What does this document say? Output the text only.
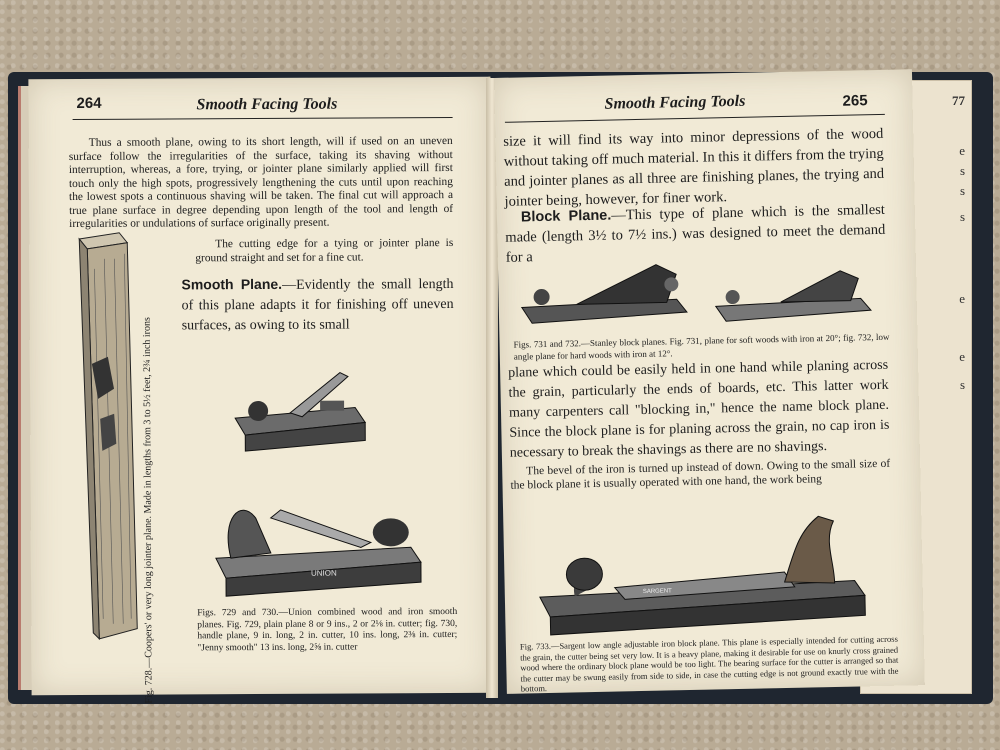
77
e
s
s
s
e
e
s
264	Smooth Facing Tools
Thus a smooth plane, owing to its short length, will if used on an uneven surface follow the irregularities of the surface, taking its shaving without interruption, whereas, a fore, trying, or jointer plane similarly applied will first touch only the high spots, progressively lengthening the cuts until upon reaching the lowest spots a continuous shaving will be taken. The final cut will approach a true plane surface in degree depending upon length of the tool and length of irregularities or undulations of surface originally present.
The cutting edge for a tying or jointer plane is ground straight and set for a fine cut.
Smooth Plane.—Evidently the small length of this plane adapts it for finishing off uneven surfaces, as owing to its small
Fig. 728.—Coopers' or very long jointer plane. Made in lengths from 3 to 5½ feet, 2¾ inch irons	UNION
Figs. 729 and 730.—Union combined wood and iron smooth planes. Fig. 729, plain plane 8 or 9 ins., 2 or 2⅛ in. cutter; fig. 730, handle plane, 9 in. long, 2 in. cutter, 10 ins. long, 2⅜ in. cutter; "Jenny smooth" 13 ins. long, 2⅝ in. cutter
Smooth Facing Tools	265
size it will find its way into minor depressions of the wood without taking off much material. In this it differs from the trying and jointer planes as all three are finishing planes, the trying and jointer being, however, for finer work.
Block Plane.—This type of plane which is the smallest made (length 3½ to 7½ ins.) was designed to meet the demand for a
Figs. 731 and 732.—Stanley block planes. Fig. 731, plane for soft woods with iron at 20°; fig. 732, low angle plane for hard woods with iron at 12°.
plane which could be easily held in one hand while planing across the grain, particularly the ends of boards, etc. This latter work many carpenters call "blocking in," hence the name block plane. Since the block plane is for planing across the grain, no cap iron is necessary to break the shavings as there are no shavings.
The bevel of the iron is turned up instead of down. Owing to the small size of the block plane it is usually operated with one hand, the work being
SARGENT
Fig. 733.—Sargent low angle adjustable iron block plane. This plane is especially intended for cutting across the grain, the cutter being set very low. It is a heavy plane, making it desirable for use on knurly cross grained wood where the ordinary block plane would be too light. The bearing surface for the cutter is arranged so that the cutter may be swung easily from side to side, in case the cutting edge is not ground exactly true with the bottom.
